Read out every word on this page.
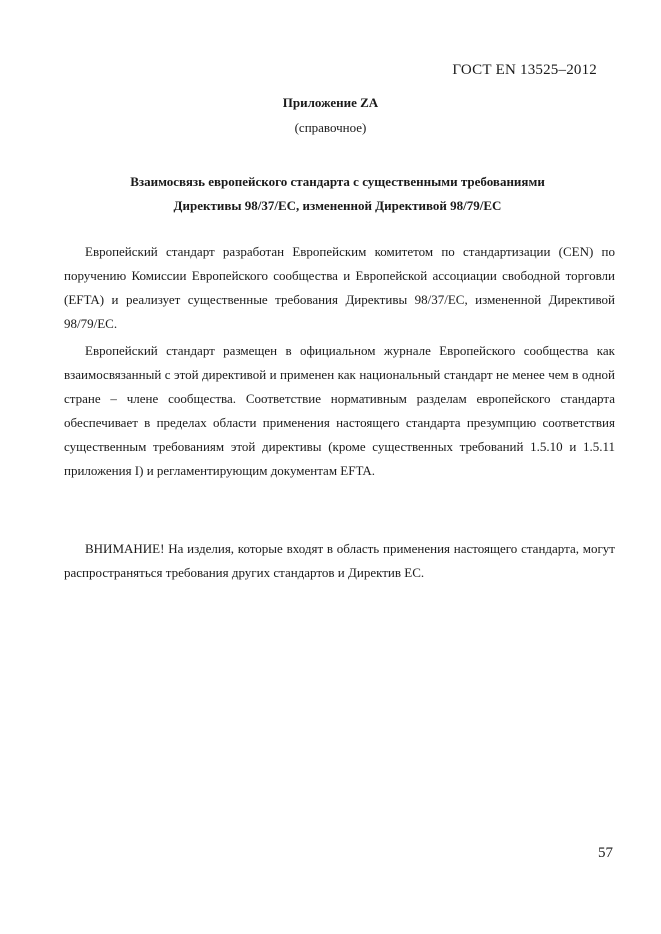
ГОСТ EN 13525–2012
Приложение ZA
(справочное)
Взаимосвязь европейского стандарта с существенными требованиями
Директивы 98/37/ЕС, измененной Директивой 98/79/ЕС

Европейский стандарт разработан Европейским комитетом по стандартизации (CEN) по поручению Комиссии Европейского сообщества и Европейской ассоциации свободной торговли (EFTA) и реализует существенные требования Директивы 98/37/ЕС, измененной Директивой 98/79/ЕС.

Европейский стандарт размещен в официальном журнале Европейского сообщества как взаимосвязанный с этой директивой и применен как национальный стандарт не менее чем в одной стране – члене сообщества. Соответствие нормативным разделам европейского стандарта обеспечивает в пределах области применения настоящего стандарта презумпцию соответствия существенным требованиям этой директивы (кроме существенных требований 1.5.10 и 1.5.11 приложения I) и регламентирующим документам EFTA.

ВНИМАНИЕ! На изделия, которые входят в область применения настоящего стандарта, могут распространяться требования других стандартов и Директив ЕС.

57
